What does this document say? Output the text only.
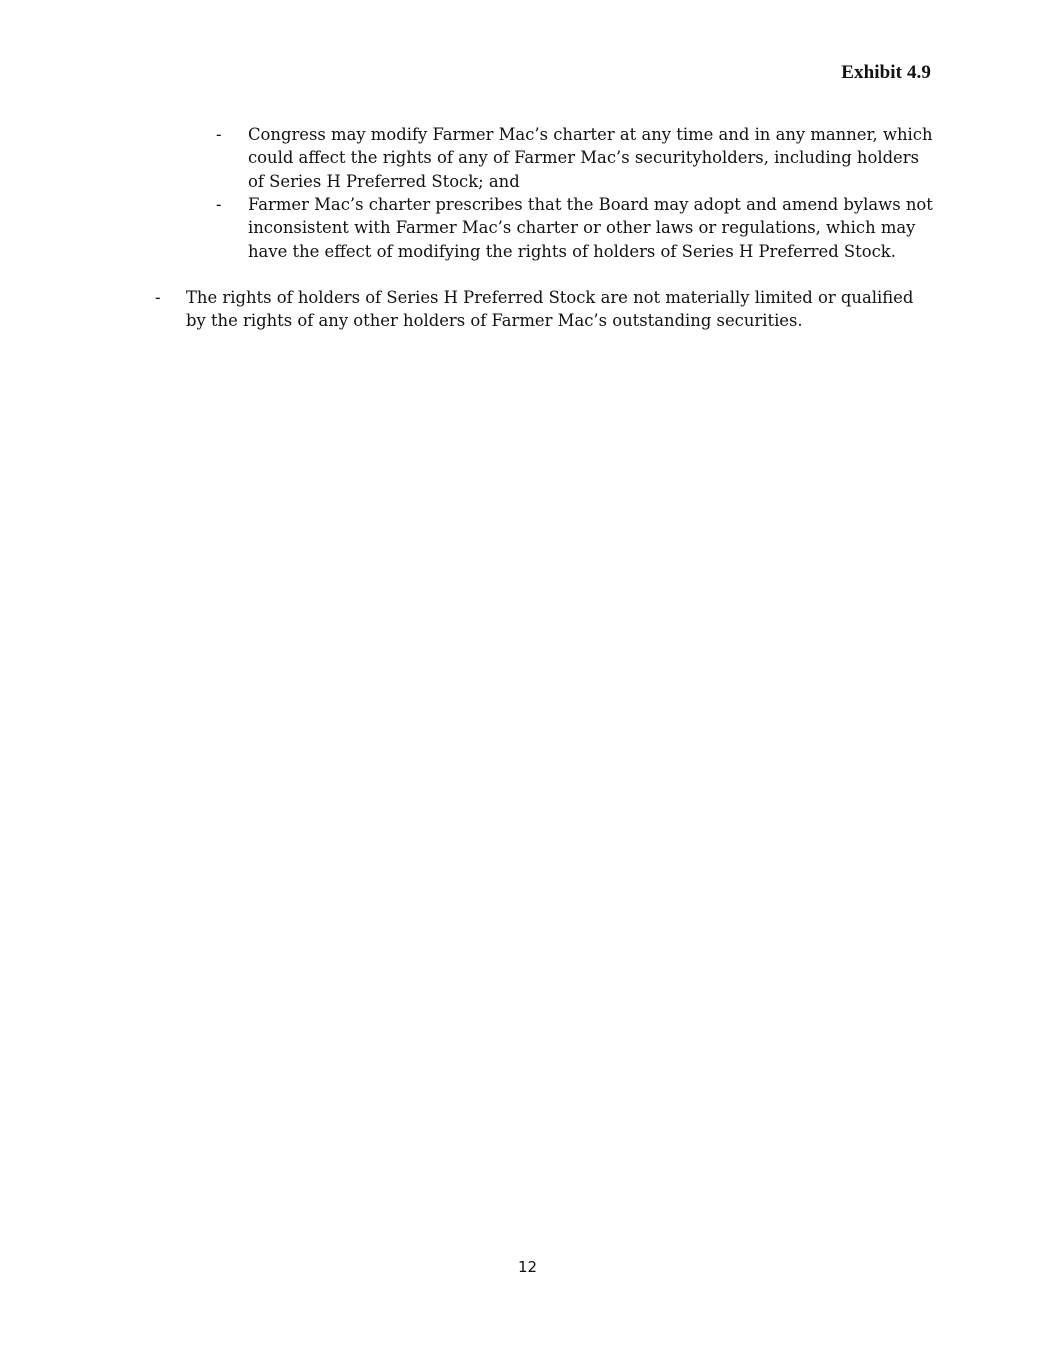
Exhibit 4.9
- Congress may modify Farmer Mac’s charter at any time and in any manner, which could affect the rights of any of Farmer Mac’s securityholders, including holders of Series H Preferred Stock; and
- Farmer Mac’s charter prescribes that the Board may adopt and amend bylaws not inconsistent with Farmer Mac’s charter or other laws or regulations, which may have the effect of modifying the rights of holders of Series H Preferred Stock.
- The rights of holders of Series H Preferred Stock are not materially limited or qualified by the rights of any other holders of Farmer Mac’s outstanding securities.
12
